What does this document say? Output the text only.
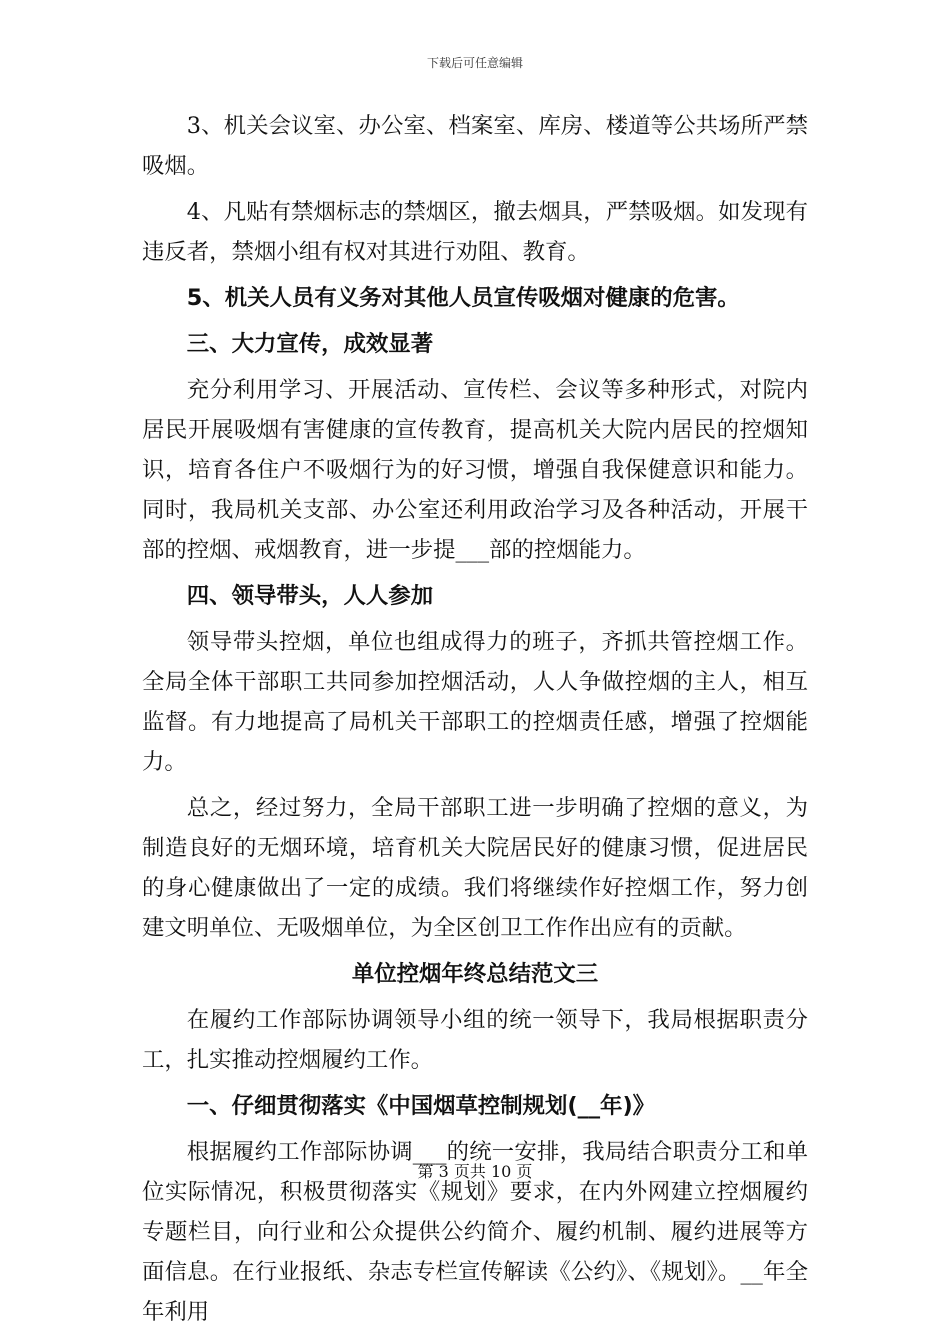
下载后可任意编辑

3、机关会议室、办公室、档案室、库房、楼道等公共场所严禁吸烟。

4、凡贴有禁烟标志的禁烟区，撤去烟具，严禁吸烟。如发现有违反者，禁烟小组有权对其进行劝阻、教育。

5、机关人员有义务对其他人员宣传吸烟对健康的危害。

三、大力宣传，成效显著

充分利用学习、开展活动、宣传栏、会议等多种形式，对院内居民开展吸烟有害健康的宣传教育，提高机关大院内居民的控烟知识，培育各住户不吸烟行为的好习惯，增强自我保健意识和能力。同时，我局机关支部、办公室还利用政治学习及各种活动，开展干部的控烟、戒烟教育，进一步提___部的控烟能力。

四、领导带头，人人参加

领导带头控烟，单位也组成得力的班子，齐抓共管控烟工作。全局全体干部职工共同参加控烟活动，人人争做控烟的主人，相互监督。有力地提高了局机关干部职工的控烟责任感，增强了控烟能力。

总之，经过努力，全局干部职工进一步明确了控烟的意义，为制造良好的无烟环境，培育机关大院居民好的健康习惯，促进居民的身心健康做出了一定的成绩。我们将继续作好控烟工作，努力创建文明单位、无吸烟单位，为全区创卫工作作出应有的贡献。

单位控烟年终总结范文三

在履约工作部际协调领导小组的统一领导下，我局根据职责分工，扎实推动控烟履约工作。

一、仔细贯彻落实《中国烟草控制规划(__年)》

根据履约工作部际协调___的统一安排，我局结合职责分工和单位实际情况，积极贯彻落实《规划》要求，在内外网建立控烟履约专题栏目，向行业和公众提供公约简介、履约机制、履约进展等方面信息。在行业报纸、杂志专栏宣传解读《公约》、《规划》。__年全年利用

第 3 页共 10 页
